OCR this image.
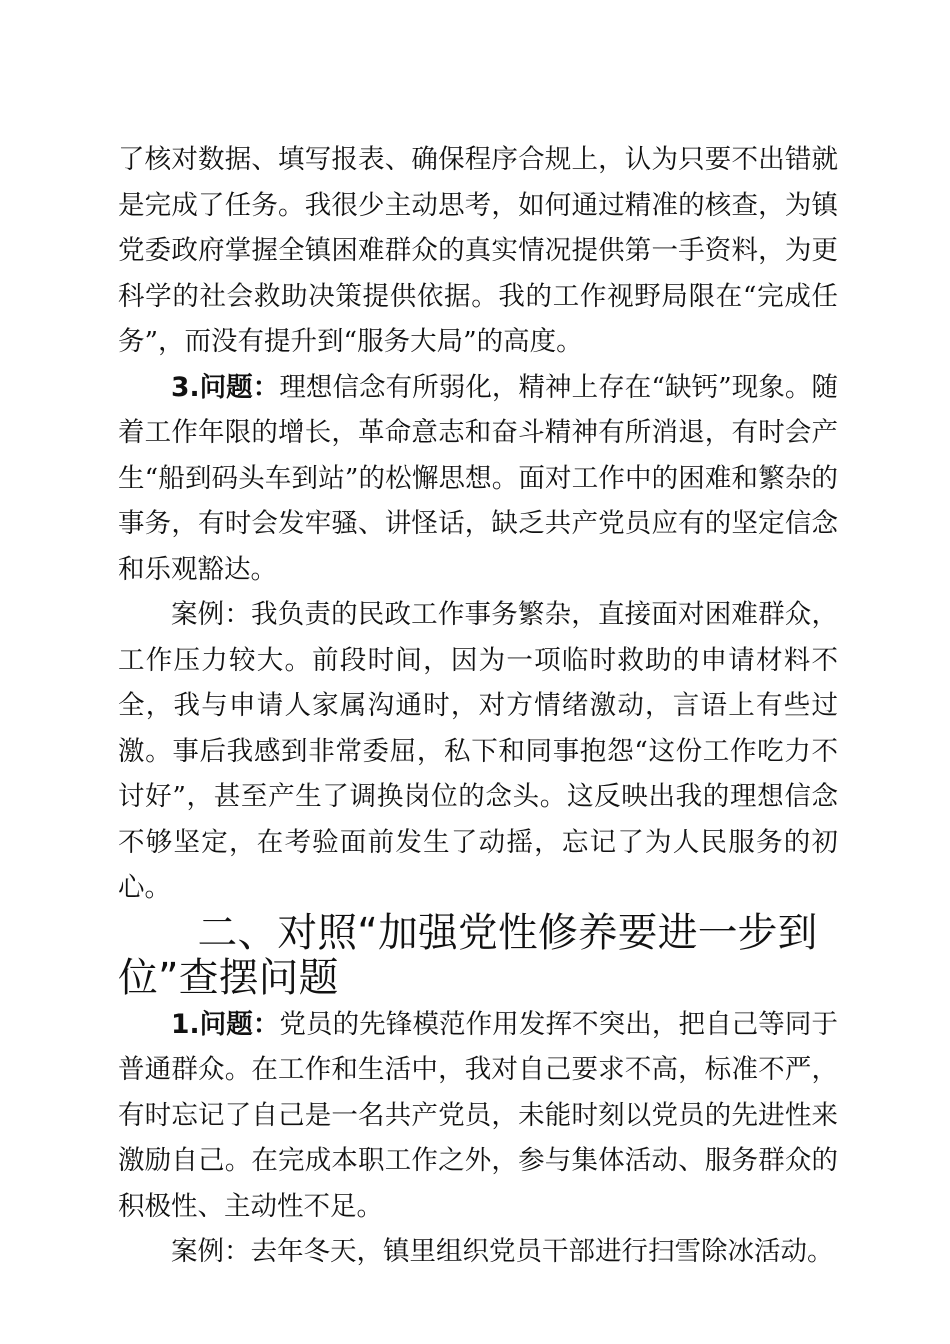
了核对数据、填写报表、确保程序合规上，认为只要不出错就是完成了任务。我很少主动思考，如何通过精准的核查，为镇党委政府掌握全镇困难群众的真实情况提供第一手资料，为更科学的社会救助决策提供依据。我的工作视野局限在“完成任务”，而没有提升到“服务大局”的高度。

3.问题：理想信念有所弱化，精神上存在“缺钙”现象。随着工作年限的增长，革命意志和奋斗精神有所消退，有时会产生“船到码头车到站”的松懈思想。面对工作中的困难和繁杂的事务，有时会发牢骚、讲怪话，缺乏共产党员应有的坚定信念和乐观豁达。

案例：我负责的民政工作事务繁杂，直接面对困难群众，工作压力较大。前段时间，因为一项临时救助的申请材料不全，我与申请人家属沟通时，对方情绪激动，言语上有些过激。事后我感到非常委屈，私下和同事抱怨“这份工作吃力不讨好”，甚至产生了调换岗位的念头。这反映出我的理想信念不够坚定，在考验面前发生了动摇，忘记了为人民服务的初心。

二、对照“加强党性修养要进一步到位”查摆问题

1.问题：党员的先锋模范作用发挥不突出，把自己等同于普通群众。在工作和生活中，我对自己要求不高，标准不严，有时忘记了自己是一名共产党员，未能时刻以党员的先进性来激励自己。在完成本职工作之外，参与集体活动、服务群众的积极性、主动性不足。

案例：去年冬天，镇里组织党员干部进行扫雪除冰活动。
